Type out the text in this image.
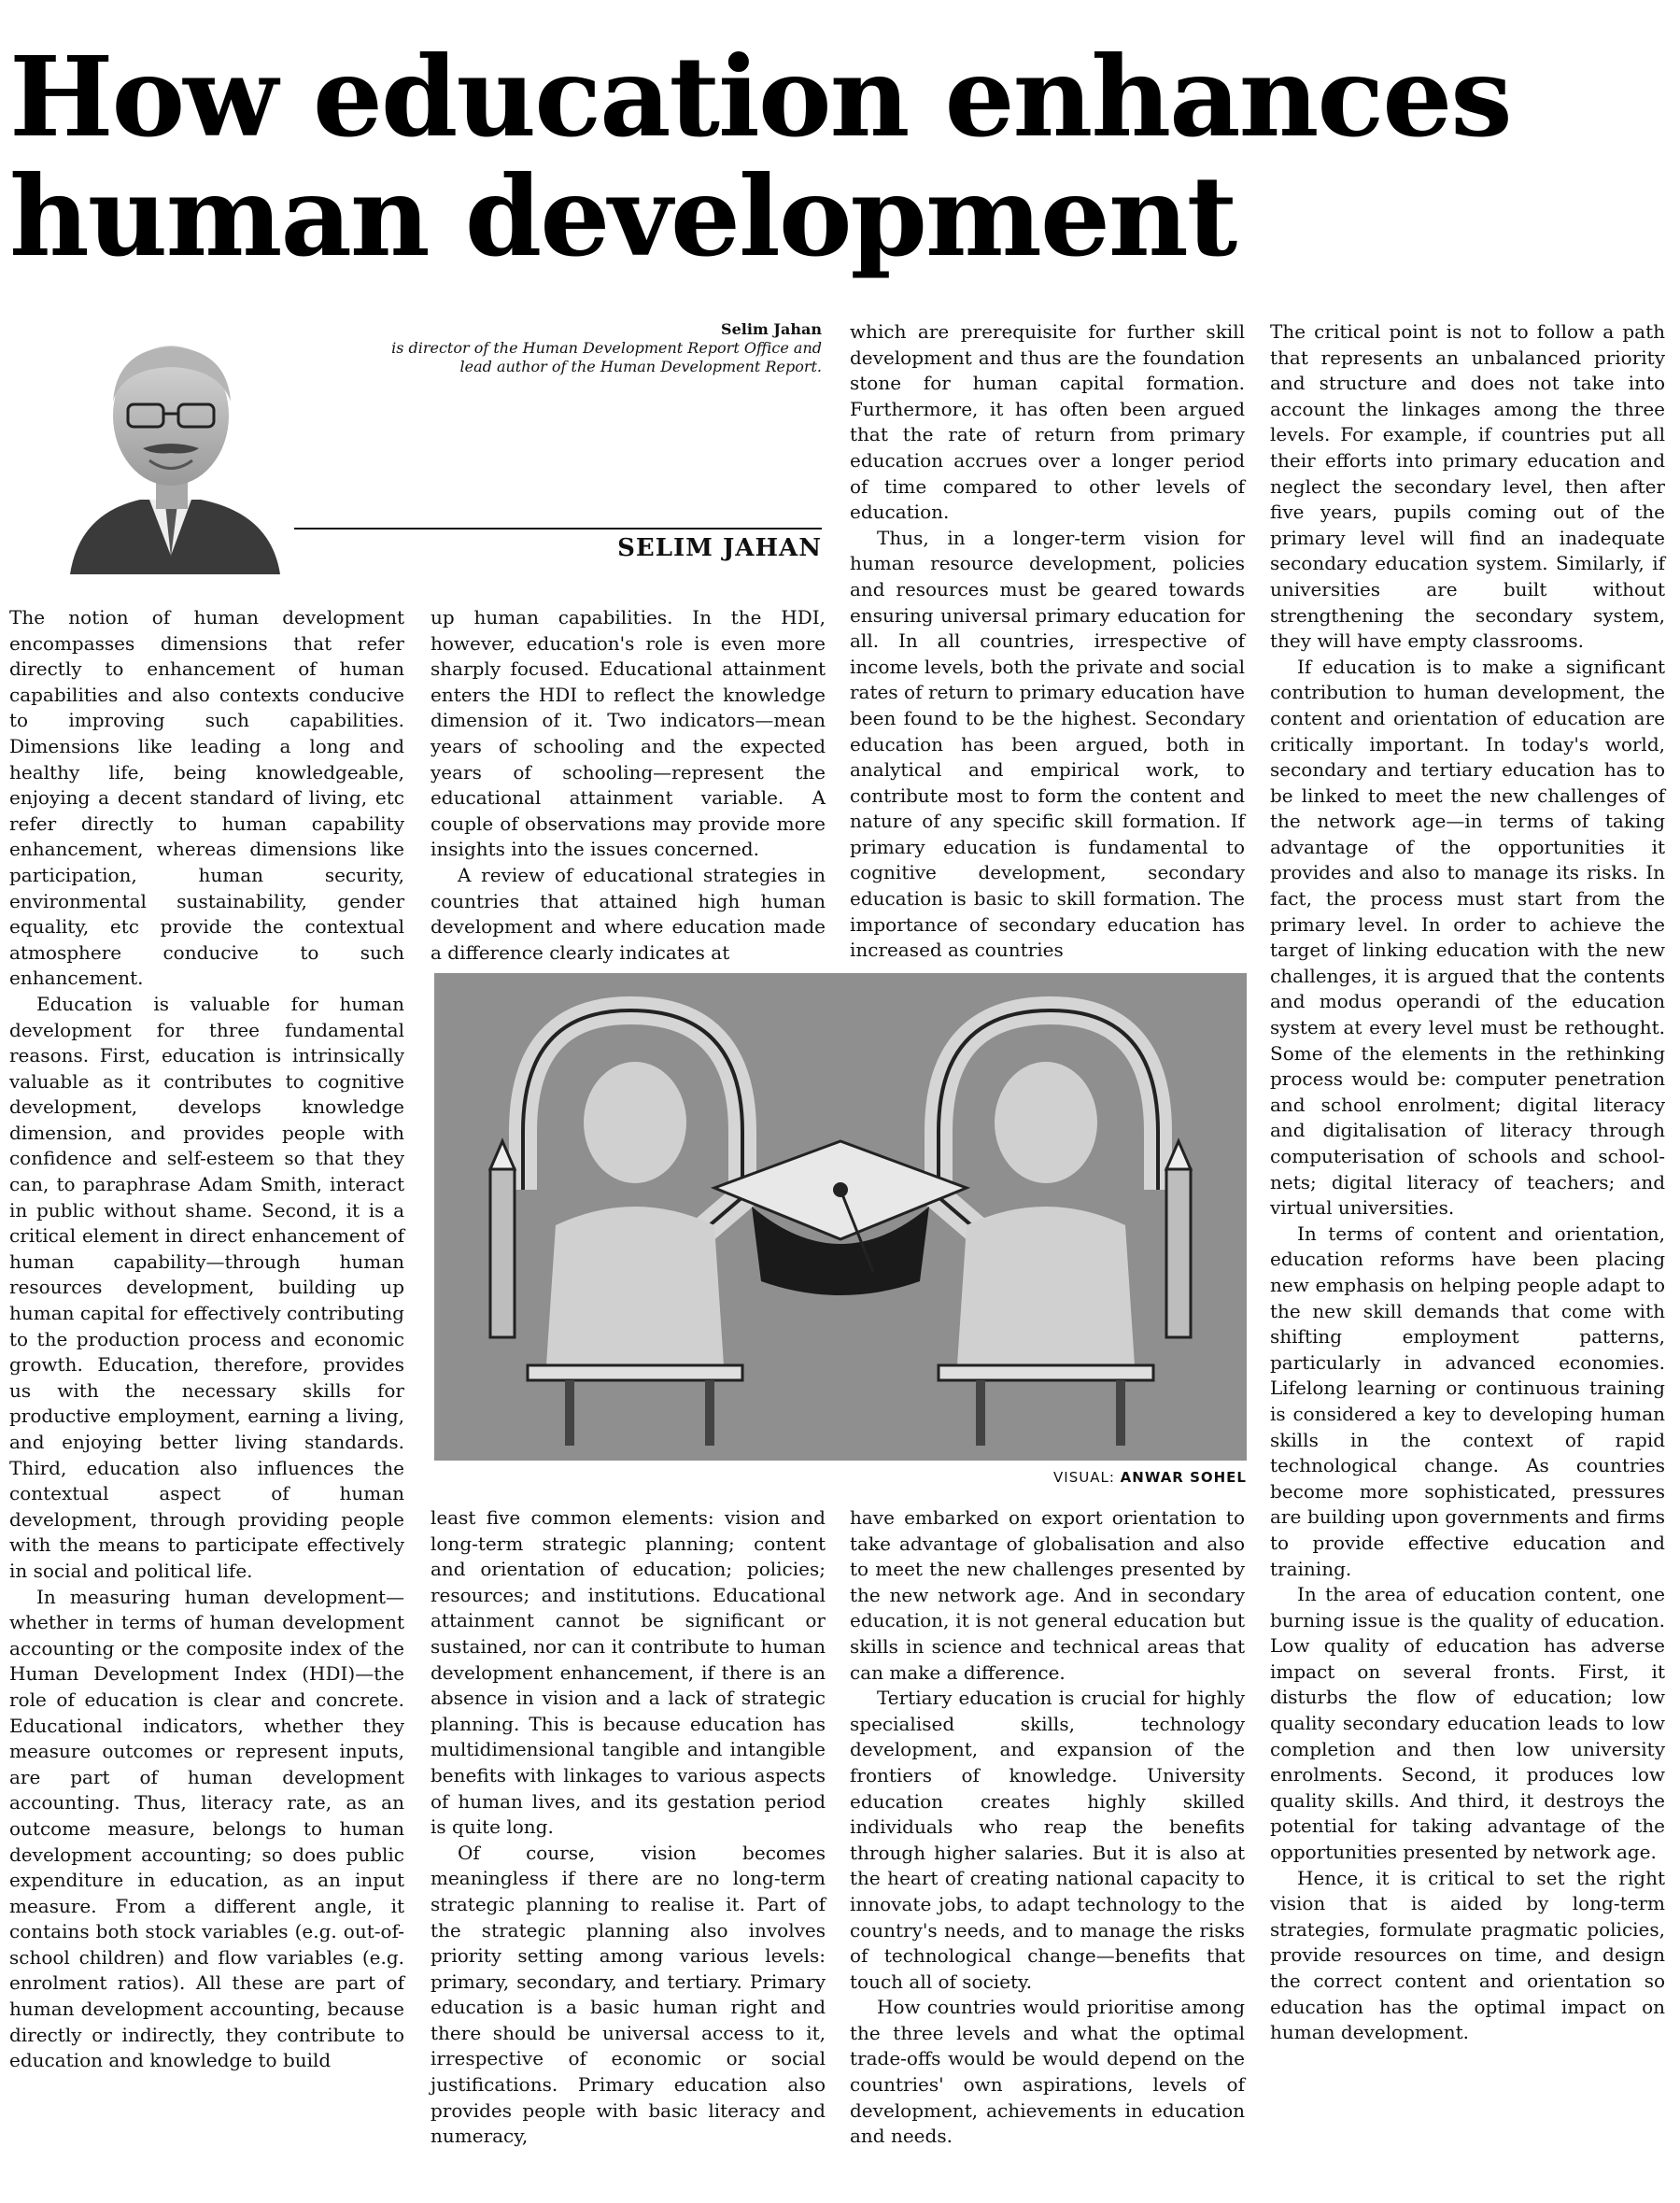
How education enhances human development
Selim Jahan
is director of the Human Development Report Office and lead author of the Human Development Report.
SELIM JAHAN

The notion of human development encompasses dimensions that refer directly to enhancement of human capabilities and also contexts conducive to improving such capabilities. Dimensions like leading a long and healthy life, being knowledgeable, enjoying a decent standard of living, etc refer directly to human capability enhancement, whereas dimensions like participation, human security, environmental sustainability, gender equality, etc provide the contextual atmosphere conducive to such enhancement.

Education is valuable for human development for three fundamental reasons. First, education is intrinsically valuable as it contributes to cognitive development, develops knowledge dimension, and provides people with confidence and self-esteem so that they can, to paraphrase Adam Smith, interact in public without shame. Second, it is a critical element in direct enhancement of human capability—through human resources development, building up human capital for effectively contributing to the production process and economic growth. Education, therefore, provides us with the necessary skills for productive employment, earning a living, and enjoying better living standards. Third, education also influences the contextual aspect of human development, through providing people with the means to participate effectively in social and political life.

In measuring human development—whether in terms of human development accounting or the composite index of the Human Development Index (HDI)—the role of education is clear and concrete. Educational indicators, whether they measure outcomes or represent inputs, are part of human development accounting. Thus, literacy rate, as an outcome measure, belongs to human development accounting; so does public expenditure in education, as an input measure. From a different angle, it contains both stock variables (e.g. out-of-school children) and flow variables (e.g. enrolment ratios). All these are part of human development accounting, because directly or indirectly, they contribute to education and knowledge to build

up human capabilities. In the HDI, however, education's role is even more sharply focused. Educational attainment enters the HDI to reflect the knowledge dimension of it. Two indicators—mean years of schooling and the expected years of schooling—represent the educational attainment variable. A couple of observations may provide more insights into the issues concerned.

A review of educational strategies in countries that attained high human development and where education made a difference clearly indicates at

which are prerequisite for further skill development and thus are the foundation stone for human capital formation. Furthermore, it has often been argued that the rate of return from primary education accrues over a longer period of time compared to other levels of education.

Thus, in a longer-term vision for human resource development, policies and resources must be geared towards ensuring universal primary education for all. In all countries, irrespective of income levels, both the private and social rates of return to primary education have been found to be the highest. Secondary education has been argued, both in analytical and empirical work, to contribute most to form the content and nature of any specific skill formation. If primary education is fundamental to cognitive development, secondary education is basic to skill formation. The importance of secondary education has increased as countries

VISUAL: ANWAR SOHEL

least five common elements: vision and long-term strategic planning; content and orientation of education; policies; resources; and institutions. Educational attainment cannot be significant or sustained, nor can it contribute to human development enhancement, if there is an absence in vision and a lack of strategic planning. This is because education has multidimensional tangible and intangible benefits with linkages to various aspects of human lives, and its gestation period is quite long.

Of course, vision becomes meaningless if there are no long-term strategic planning to realise it. Part of the strategic planning also involves priority setting among various levels: primary, secondary, and tertiary. Primary education is a basic human right and there should be universal access to it, irrespective of economic or social justifications. Primary education also provides people with basic literacy and numeracy,

have embarked on export orientation to take advantage of globalisation and also to meet the new challenges presented by the new network age. And in secondary education, it is not general education but skills in science and technical areas that can make a difference.

Tertiary education is crucial for highly specialised skills, technology development, and expansion of the frontiers of knowledge. University education creates highly skilled individuals who reap the benefits through higher salaries. But it is also at the heart of creating national capacity to innovate jobs, to adapt technology to the country's needs, and to manage the risks of technological change—benefits that touch all of society.

How countries would prioritise among the three levels and what the optimal trade-offs would be would depend on the countries' own aspirations, levels of development, achievements in education and needs.

The critical point is not to follow a path that represents an unbalanced priority and structure and does not take into account the linkages among the three levels. For example, if countries put all their efforts into primary education and neglect the secondary level, then after five years, pupils coming out of the primary level will find an inadequate secondary education system. Similarly, if universities are built without strengthening the secondary system, they will have empty classrooms.

If education is to make a significant contribution to human development, the content and orientation of education are critically important. In today's world, secondary and tertiary education has to be linked to meet the new challenges of the network age—in terms of taking advantage of the opportunities it provides and also to manage its risks. In fact, the process must start from the primary level. In order to achieve the target of linking education with the new challenges, it is argued that the contents and modus operandi of the education system at every level must be rethought. Some of the elements in the rethinking process would be: computer penetration and school enrolment; digital literacy and digitalisation of literacy through computerisation of schools and school-nets; digital literacy of teachers; and virtual universities.

In terms of content and orientation, education reforms have been placing new emphasis on helping people adapt to the new skill demands that come with shifting employment patterns, particularly in advanced economies. Lifelong learning or continuous training is considered a key to developing human skills in the context of rapid technological change. As countries become more sophisticated, pressures are building upon governments and firms to provide effective education and training.

In the area of education content, one burning issue is the quality of education. Low quality of education has adverse impact on several fronts. First, it disturbs the flow of education; low quality secondary education leads to low completion and then low university enrolments. Second, it produces low quality skills. And third, it destroys the potential for taking advantage of the opportunities presented by network age.

Hence, it is critical to set the right vision that is aided by long-term strategies, formulate pragmatic policies, provide resources on time, and design the correct content and orientation so education has the optimal impact on human development.
